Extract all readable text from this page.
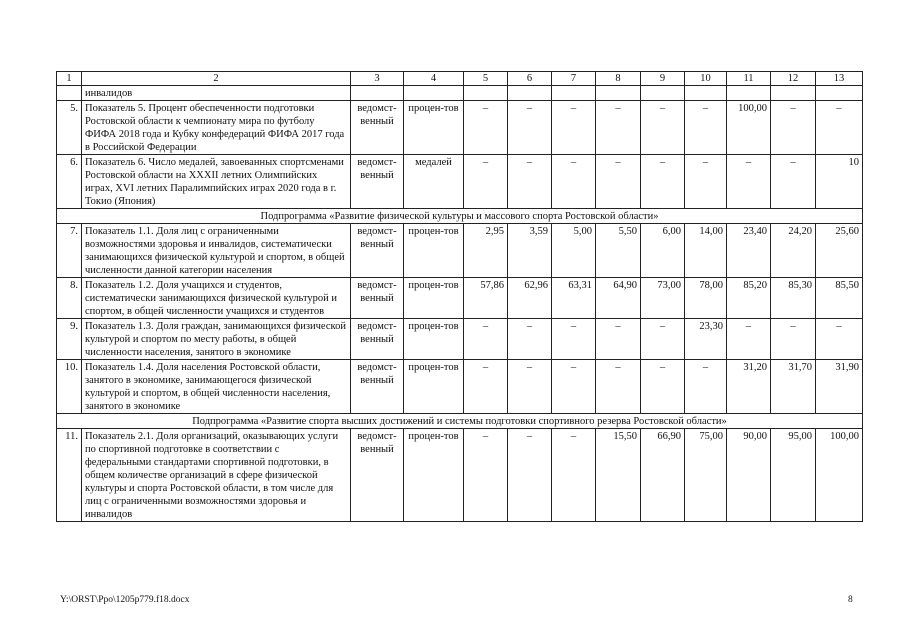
1	2	3	4	5	6	7	8	9	10	11	12	13
	инвалидов											
5.	Показатель 5. Процент обеспеченности подготовки Ростовской области к чемпионату мира по футболу ФИФА 2018 года и Кубку конфедераций ФИФА 2017 года в Российской Федерации	ведомст-венный	процен-тов	–	–	–	–	–	–	100,00	–	–
6.	Показатель 6. Число медалей, завоеванных спортсменами Ростовской области на XXXII летних Олимпийских играх, XVI летних Паралимпийских играх 2020 года в г. Токио (Япония)	ведомст-венный	медалей	–	–	–	–	–	–	–	–	10
Подпрограмма «Развитие физической культуры и массового спорта Ростовской области»												
7.	Показатель 1.1. Доля лиц с ограниченными возможностями здоровья и инвалидов, систематически занимающихся физической культурой и спортом, в общей численности данной категории населения	ведомст-венный	процен-тов	2,95	3,59	5,00	5,50	6,00	14,00	23,40	24,20	25,60
8.	Показатель 1.2. Доля учащихся и студентов, систематически занимающихся физической культурой и спортом, в общей численности учащихся и студентов	ведомст-венный	процен-тов	57,86	62,96	63,31	64,90	73,00	78,00	85,20	85,30	85,50
9.	Показатель 1.3. Доля граждан, занимающихся физической культурой и спортом по месту работы, в общей численности населения, занятого в экономике	ведомст-венный	процен-тов	–	–	–	–	–	23,30	–	–	–
10.	Показатель 1.4. Доля населения Ростовской области, занятого в экономике, занимающегося физической культурой и спортом, в общей численности населения, занятого в экономике	ведомст-венный	процен-тов	–	–	–	–	–	–	31,20	31,70	31,90
Подпрограмма «Развитие спорта высших достижений и системы подготовки спортивного резерва Ростовской области»												
11.	Показатель 2.1. Доля организаций, оказывающих услуги по спортивной подготовке в соответствии с федеральными стандартами спортивной подготовки, в общем количестве организаций в сфере физической культуры и спорта Ростовской области, в том числе для лиц с ограниченными возможностями здоровья и инвалидов	ведомст-венный	процен-тов	–	–	–	15,50	66,90	75,00	90,00	95,00	100,00
Y:\ORST\Ppo\1205p779.f18.docx	8
